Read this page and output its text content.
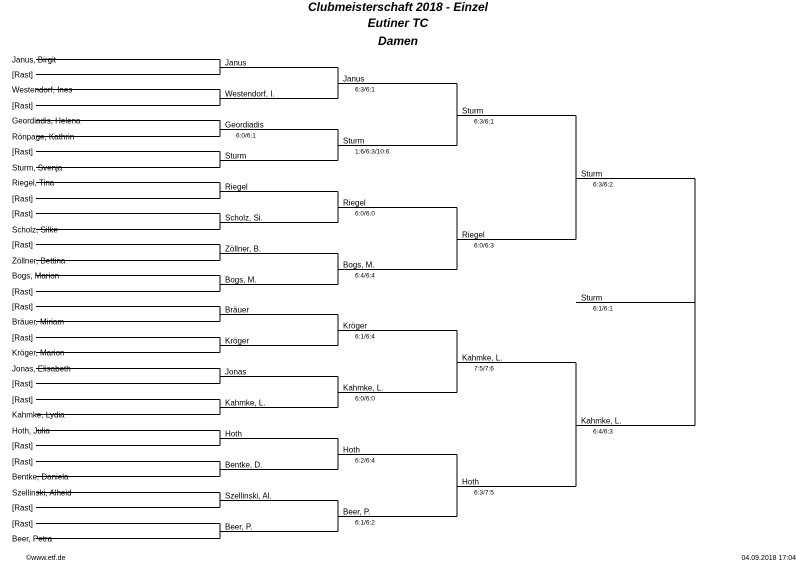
Clubmeisterschaft 2018 - Einzel
Eutiner TC
Damen
Janus, Birgit
[Rast]
Westendorf, Ines
[Rast]
Geordiadis, Helena
Rönpage, Kathrin
[Rast]
Sturm, Svenja
Riegel, Tina
[Rast]
[Rast]
Scholz, Silke
[Rast]
Zöllner, Bettina
Bogs, Marion
[Rast]
[Rast]
Bräuer, Miriam
[Rast]
Kröger, Marion
Jonas, Elisabeth
[Rast]
[Rast]
Kahmke, Lydia
Hoth, Julia
[Rast]
[Rast]
Bentke, Daniela
Szellinski, Alheid
[Rast]
[Rast]
Beer, Petra
Janus
Westendorf, I.
Geordiadis
6:0/6:1
Sturm
Riegel
Scholz, Si.
Zöllner, B.
Bogs, M.
Bräuer
Kröger
Jonas
Kahmke, L.
Hoth
Bentke, D.
Szellinski, Al.
Beer, P.
Janus
6:3/6:1
Sturm
1:6/6:3/10:6
Riegel
6:0/6:0
Bogs, M.
6:4/6:4
Kröger
6:1/6:4
Kahmke, L.
6:0/6:0
Hoth
6:2/6:4
Beer, P.
6:1/6:2
Sturm
6:3/6:1
Riegel
6:0/6:3
Kahmke, L.
7:5/7:6
Hoth
6:3/7:5
Sturm
6:3/6:2
Kahmke, L.
6:4/6:3
Sturm
6:1/6:1
©www.etf.de	04.09.2018 17:04
